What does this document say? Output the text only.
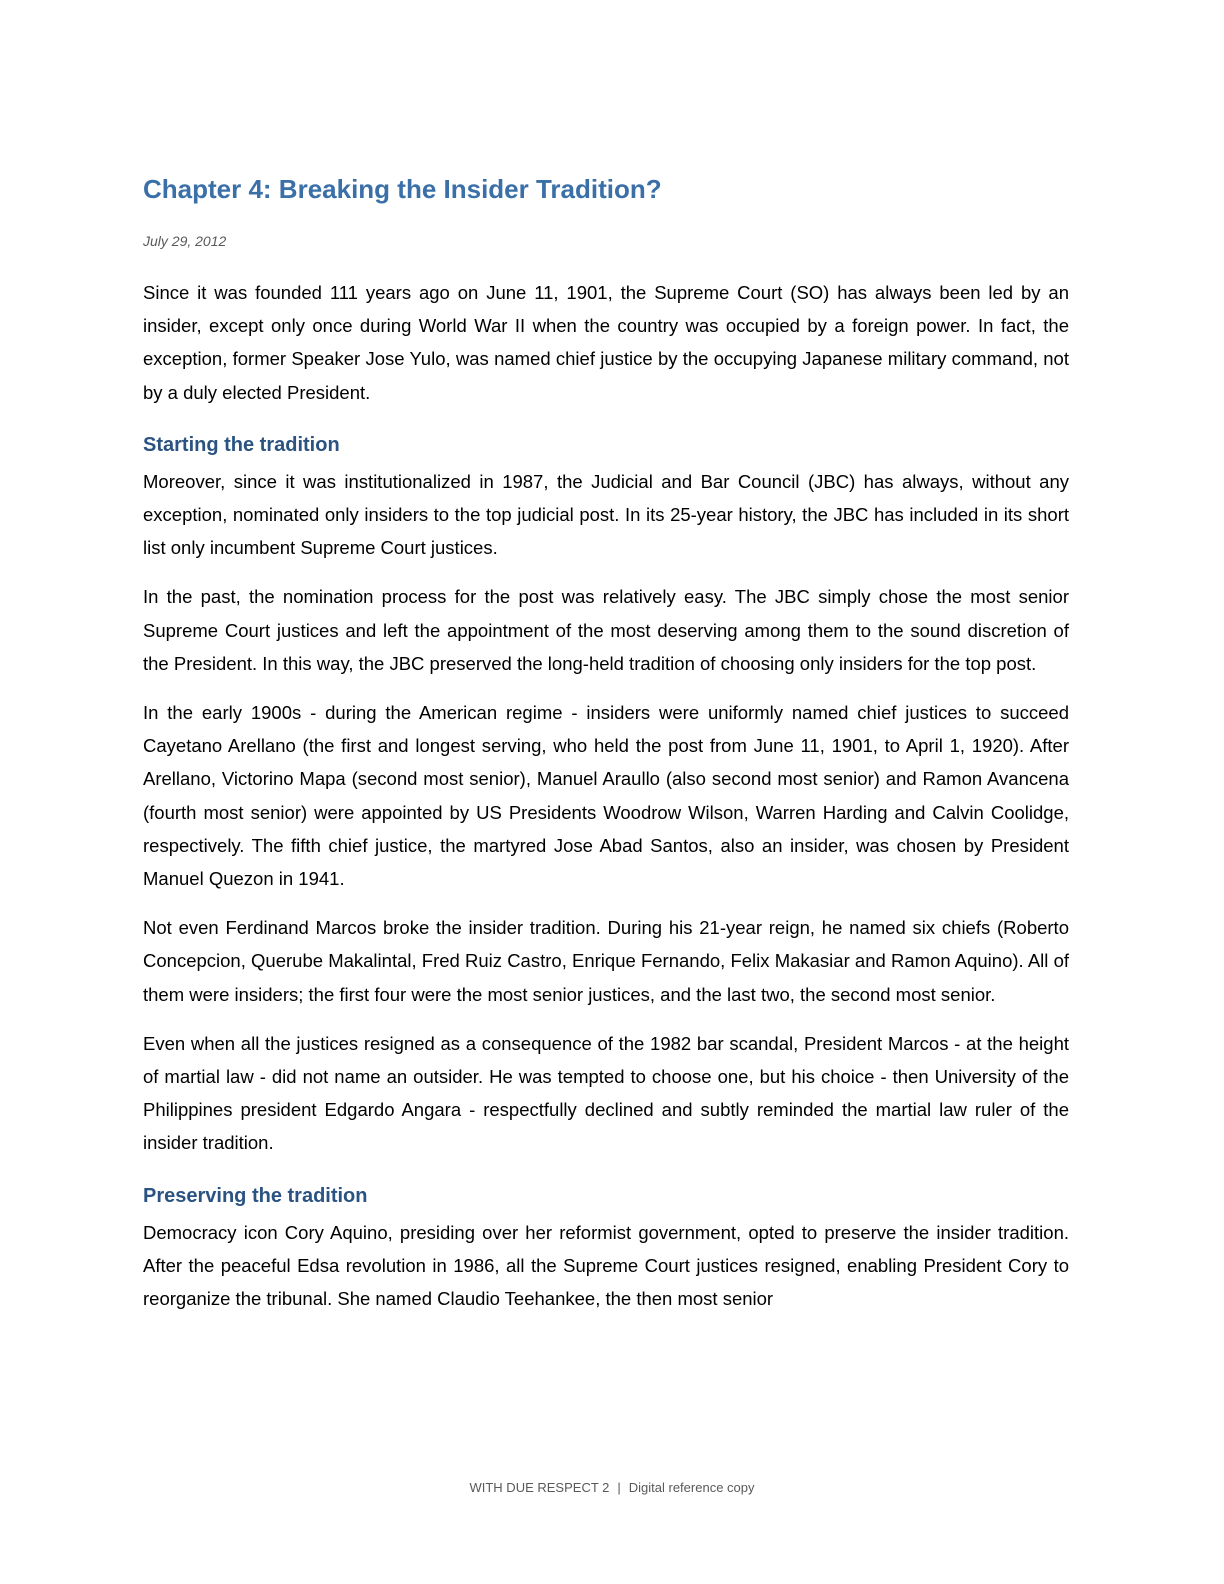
Chapter 4: Breaking the Insider Tradition?
July 29, 2012

Since it was founded 111 years ago on June 11, 1901, the Supreme Court (SO) has always been led by an insider, except only once during World War II when the country was occupied by a foreign power. In fact, the exception, former Speaker Jose Yulo, was named chief justice by the occupying Japanese military command, not by a duly elected President.

Starting the tradition

Moreover, since it was institutionalized in 1987, the Judicial and Bar Council (JBC) has always, without any exception, nominated only insiders to the top judicial post. In its 25-year history, the JBC has included in its short list only incumbent Supreme Court justices.

In the past, the nomination process for the post was relatively easy. The JBC simply chose the most senior Supreme Court justices and left the appointment of the most deserving among them to the sound discretion of the President. In this way, the JBC preserved the long-held tradition of choosing only insiders for the top post.

In the early 1900s - during the American regime - insiders were uniformly named chief justices to succeed Cayetano Arellano (the first and longest serving, who held the post from June 11, 1901, to April 1, 1920). After Arellano, Victorino Mapa (second most senior), Manuel Araullo (also second most senior) and Ramon Avancena (fourth most senior) were appointed by US Presidents Woodrow Wilson, Warren Harding and Calvin Coolidge, respectively. The fifth chief justice, the martyred Jose Abad Santos, also an insider, was chosen by President Manuel Quezon in 1941.

Not even Ferdinand Marcos broke the insider tradition. During his 21-year reign, he named six chiefs (Roberto Concepcion, Querube Makalintal, Fred Ruiz Castro, Enrique Fernando, Felix Makasiar and Ramon Aquino). All of them were insiders; the first four were the most senior justices, and the last two, the second most senior.

Even when all the justices resigned as a consequence of the 1982 bar scandal, President Marcos - at the height of martial law - did not name an outsider. He was tempted to choose one, but his choice - then University of the Philippines president Edgardo Angara - respectfully declined and subtly reminded the martial law ruler of the insider tradition.

Preserving the tradition

Democracy icon Cory Aquino, presiding over her reformist government, opted to preserve the insider tradition. After the peaceful Edsa revolution in 1986, all the Supreme Court justices resigned, enabling President Cory to reorganize the tribunal. She named Claudio Teehankee, the then most senior

WITH DUE RESPECT 2 | Digital reference copy
